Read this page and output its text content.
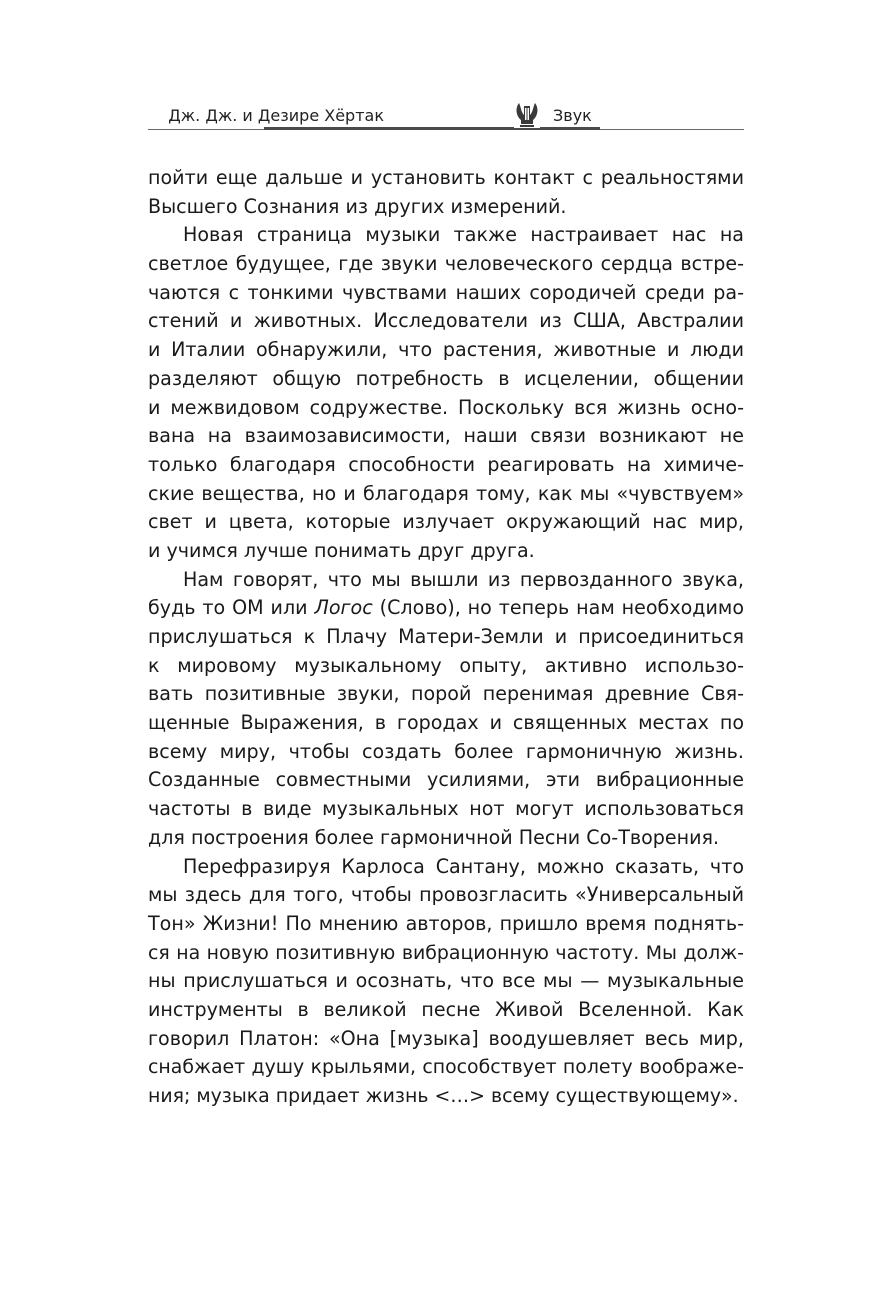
Дж. Дж. и Дезире Хёртак	Звук
пойти еще дальше и установить контакт с реальностями
Высшего Сознания из других измерений.
Новая страница музыки также настраивает нас на
светлое будущее, где звуки человеческого сердца встре-
чаются с тонкими чувствами наших сородичей среди ра-
стений и животных. Исследователи из США, Австралии
и Италии обнаружили, что растения, животные и люди
разделяют общую потребность в исцелении, общении
и межвидовом содружестве. Поскольку вся жизнь осно-
вана на взаимозависимости, наши связи возникают не
только благодаря способности реагировать на химиче-
ские вещества, но и благодаря тому, как мы «чувствуем»
свет и цвета, которые излучает окружающий нас мир,
и учимся лучше понимать друг друга.
Нам говорят, что мы вышли из первозданного звука,
будь то ОМ или Логос (Слово), но теперь нам необходимо
прислушаться к Плачу Матери-Земли и присоединиться
к мировому музыкальному опыту, активно использо-
вать позитивные звуки, порой перенимая древние Свя-
щенные Выражения, в городах и священных местах по
всему миру, чтобы создать более гармоничную жизнь.
Созданные совместными усилиями, эти вибрационные
частоты в виде музыкальных нот могут использоваться
для построения более гармоничной Песни Со-Творения.
Перефразируя Карлоса Сантану, можно сказать, что
мы здесь для того, чтобы провозгласить «Универсальный
Тон» Жизни! По мнению авторов, пришло время поднять-
ся на новую позитивную вибрационную частоту. Мы долж-
ны прислушаться и осознать, что все мы — музыкальные
инструменты в великой песне Живой Вселенной. Как
говорил Платон: «Она [музыка] воодушевляет весь мир,
снабжает душу крыльями, способствует полету воображе-
ния; музыка придает жизнь <…> всему существующему».
